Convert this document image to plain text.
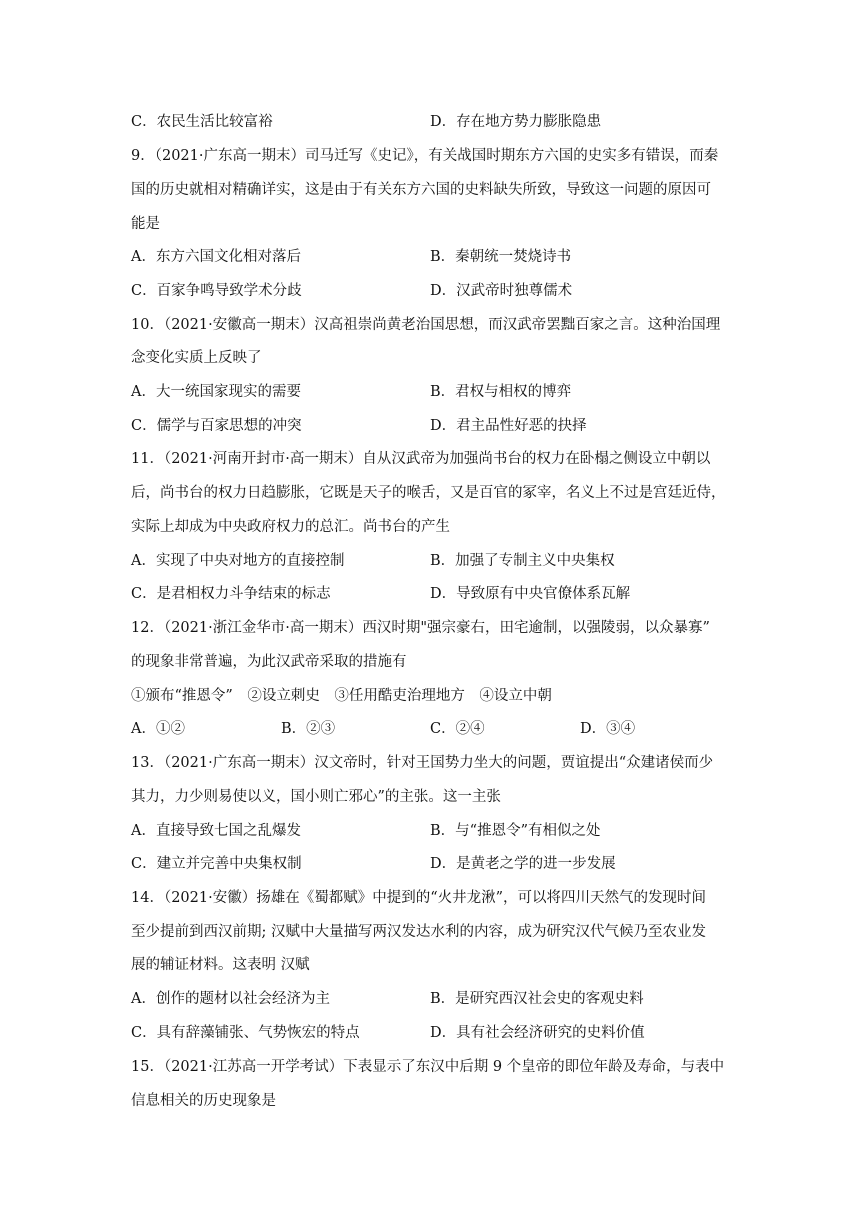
C．农民生活比较富裕	D．存在地方势力膨胀隐患
9．（2021·广东高一期末）司马迁写《史记》，有关战国时期东方六国的史实多有错误，而秦
国的历史就相对精确详实，这是由于有关东方六国的史料缺失所致，导致这一问题的原因可
能是
A．东方六国文化相对落后	B．秦朝统一焚烧诗书
C．百家争鸣导致学术分歧	D．汉武帝时独尊儒术
10．（2021·安徽高一期末）汉高祖崇尚黄老治国思想，而汉武帝罢黜百家之言。这种治国理
念变化实质上反映了
A．大一统国家现实的需要	B．君权与相权的博弈
C．儒学与百家思想的冲突	D．君主品性好恶的抉择
11．（2021·河南开封市·高一期末）自从汉武帝为加强尚书台的权力在卧榻之侧设立中朝以
后，尚书台的权力日趋膨胀，它既是天子的喉舌，又是百官的冢宰，名义上不过是宫廷近侍，
实际上却成为中央政府权力的总汇。尚书台的产生
A．实现了中央对地方的直接控制	B．加强了专制主义中央集权
C．是君相权力斗争结束的标志	D．导致原有中央官僚体系瓦解
12．（2021·浙江金华市·高一期末）西汉时期"强宗豪右，田宅逾制，以强陵弱，以众暴寡”
的现象非常普遍，为此汉武帝采取的措施有
①颁布“推恩令”　②设立刺史　③任用酷吏治理地方　④设立中朝
A．①②	B．②③	C．②④	D．③④
13．（2021·广东高一期末）汉文帝时，针对王国势力坐大的问题，贾谊提出“众建诸侯而少
其力，力少则易使以义，国小则亡邪心”的主张。这一主张
A．直接导致七国之乱爆发	B．与“推恩令”有相似之处
C．建立并完善中央集权制	D．是黄老之学的进一步发展
14．（2021·安徽）扬雄在《蜀都赋》中提到的“火井龙湫”，可以将四川天然气的发现时间
至少提前到西汉前期; 汉赋中大量描写两汉发达水利的内容，成为研究汉代气候乃至农业发
展的辅证材料。这表明 汉赋
A．创作的题材以社会经济为主	B．是研究西汉社会史的客观史料
C．具有辞藻铺张、气势恢宏的特点	D．具有社会经济研究的史料价值
15．（2021·江苏高一开学考试）下表显示了东汉中后期 9 个皇帝的即位年龄及寿命，与表中
信息相关的历史现象是
